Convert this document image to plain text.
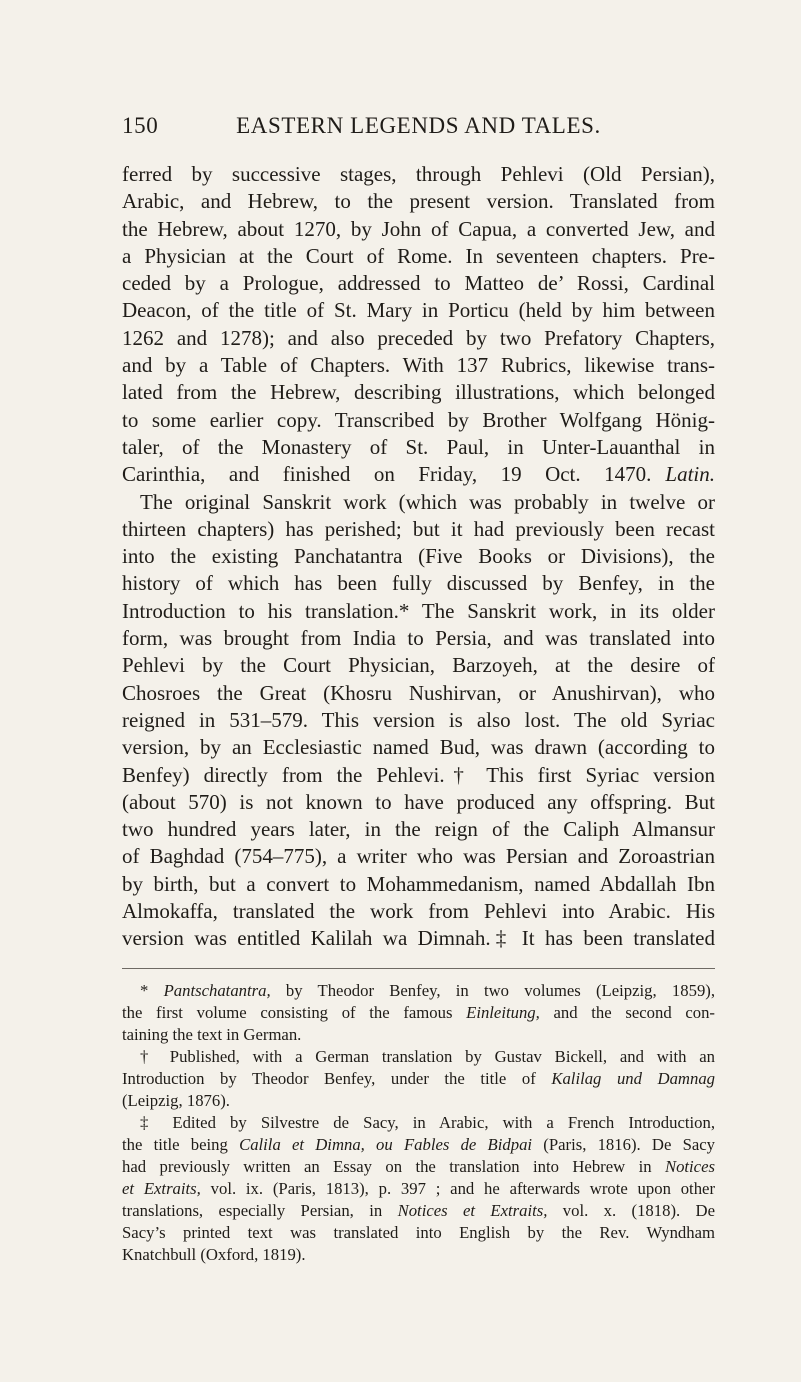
150	EASTERN LEGENDS AND TALES.
ferred by successive stages, through Pehlevi (Old Persian),
Arabic, and Hebrew, to the present version. Translated from
the Hebrew, about 1270, by John of Capua, a converted Jew, and
a Physician at the Court of Rome. In seventeen chapters. Pre-
ceded by a Prologue, addressed to Matteo de’ Rossi, Cardinal
Deacon, of the title of St. Mary in Porticu (held by him between
1262 and 1278); and also preceded by two Prefatory Chapters,
and by a Table of Chapters. With 137 Rubrics, likewise trans-
lated from the Hebrew, describing illustrations, which belonged
to some earlier copy. Transcribed by Brother Wolfgang Hönig-
taler, of the Monastery of St. Paul, in Unter-Lauanthal in
Carinthia, and finished on Friday, 19 Oct. 1470. Latin.
The original Sanskrit work (which was probably in twelve or
thirteen chapters) has perished; but it had previously been recast
into the existing Panchatantra (Five Books or Divisions), the
history of which has been fully discussed by Benfey, in the
Introduction to his translation.* The Sanskrit work, in its older
form, was brought from India to Persia, and was translated into
Pehlevi by the Court Physician, Barzoyeh, at the desire of
Chosroes the Great (Khosru Nushirvan, or Anushirvan), who
reigned in 531–579. This version is also lost. The old Syriac
version, by an Ecclesiastic named Bud, was drawn (according to
Benfey) directly from the Pehlevi.† This first Syriac version
(about 570) is not known to have produced any offspring. But
two hundred years later, in the reign of the Caliph Almansur
of Baghdad (754–775), a writer who was Persian and Zoroastrian
by birth, but a convert to Mohammedanism, named Abdallah Ibn
Almokaffa, translated the work from Pehlevi into Arabic. His
version was entitled Kalilah wa Dimnah.‡ It has been translated
* Pantschatantra, by Theodor Benfey, in two volumes (Leipzig, 1859),
the first volume consisting of the famous Einleitung, and the second con-
taining the text in German.
† Published, with a German translation by Gustav Bickell, and with an
Introduction by Theodor Benfey, under the title of Kalilag und Damnag
(Leipzig, 1876).
‡ Edited by Silvestre de Sacy, in Arabic, with a French Introduction,
the title being Calila et Dimna, ou Fables de Bidpai (Paris, 1816). De Sacy
had previously written an Essay on the translation into Hebrew in Notices
et Extraits, vol. ix. (Paris, 1813), p. 397 ; and he afterwards wrote upon other
translations, especially Persian, in Notices et Extraits, vol. x. (1818). De
Sacy’s printed text was translated into English by the Rev. Wyndham
Knatchbull (Oxford, 1819).
